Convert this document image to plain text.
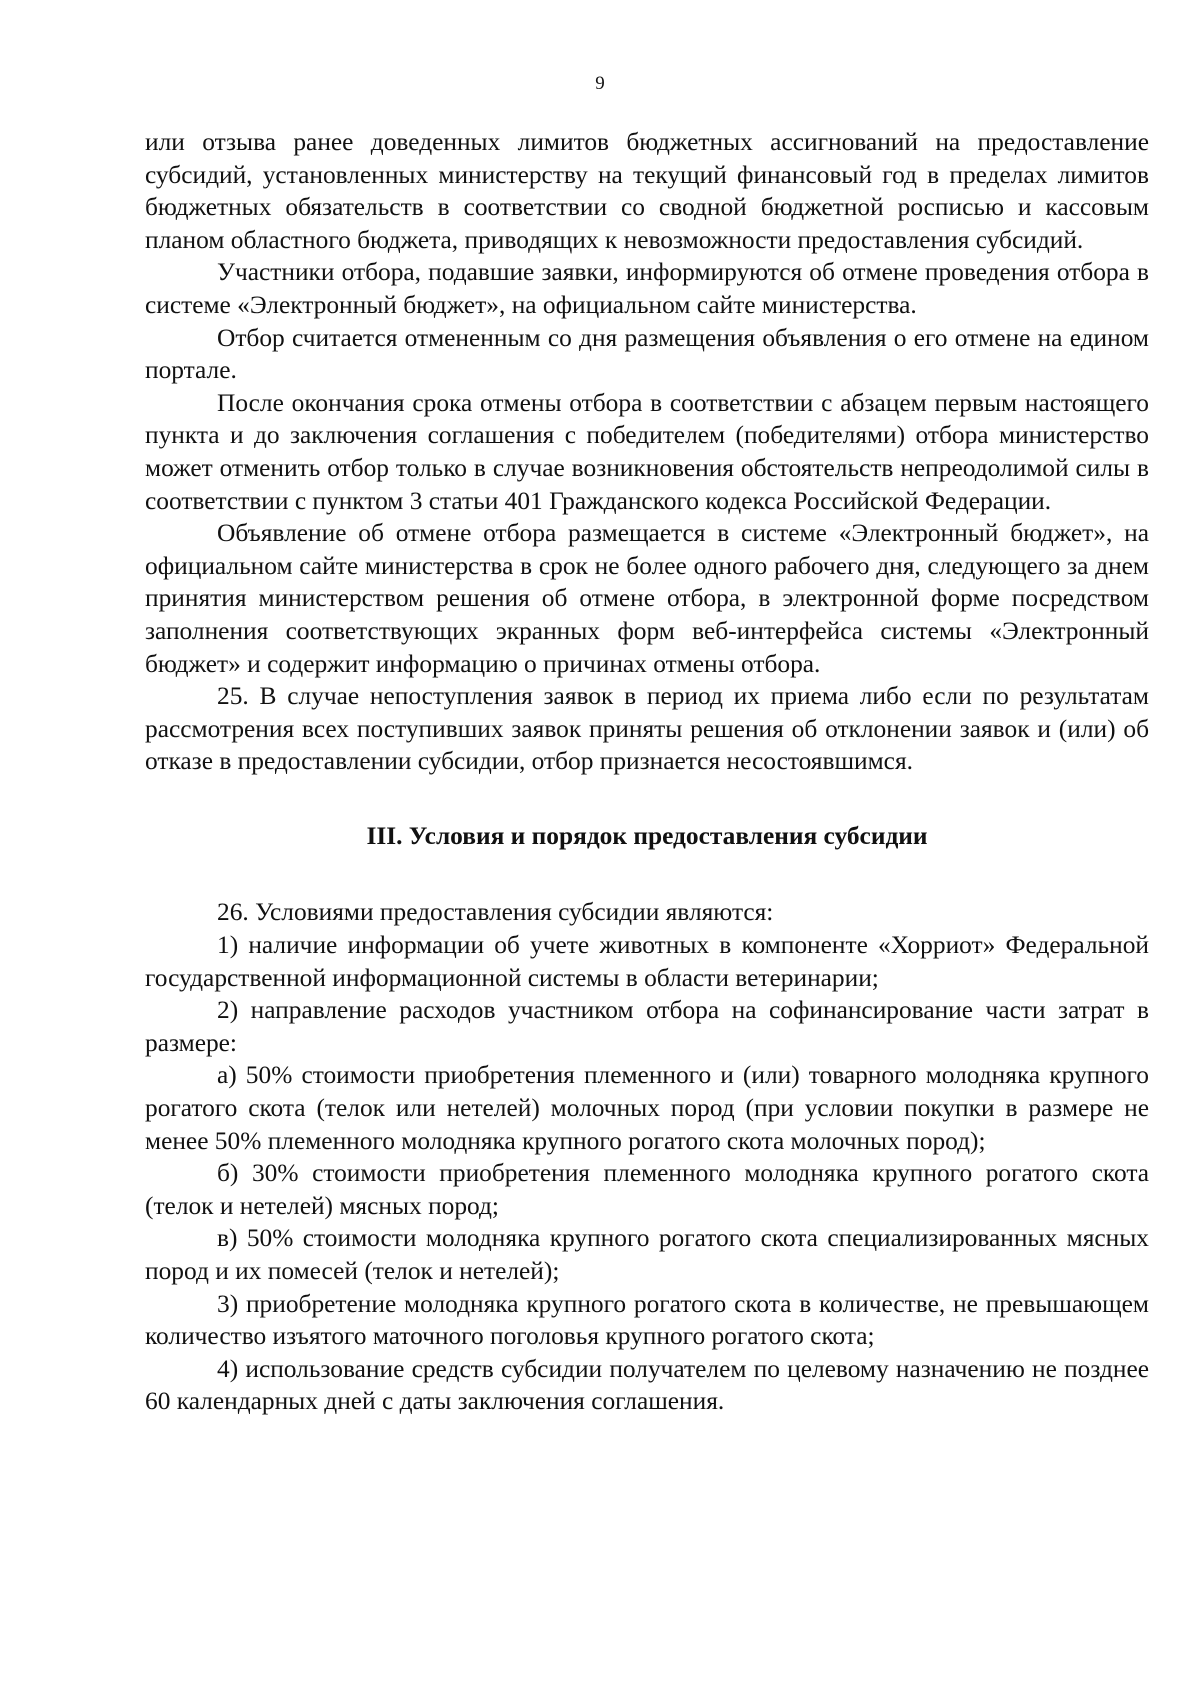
9

или отзыва ранее доведенных лимитов бюджетных ассигнований на предоставление субсидий, установленных министерству на текущий финансовый год в пределах лимитов бюджетных обязательств в соответствии со сводной бюджетной росписью и кассовым планом областного бюджета, приводящих к невозможности предоставления субсидий.

Участники отбора, подавшие заявки, информируются об отмене проведения отбора в системе «Электронный бюджет», на официальном сайте министерства.

Отбор считается отмененным со дня размещения объявления о его отмене на едином портале.

После окончания срока отмены отбора в соответствии с абзацем первым настоящего пункта и до заключения соглашения с победителем (победителями) отбора министерство может отменить отбор только в случае возникновения обстоятельств непреодолимой силы в соответствии с пунктом 3 статьи 401 Гражданского кодекса Российской Федерации.

Объявление об отмене отбора размещается в системе «Электронный бюджет», на официальном сайте министерства в срок не более одного рабочего дня, следующего за днем принятия министерством решения об отмене отбора, в электронной форме посредством заполнения соответствующих экранных форм веб-интерфейса системы «Электронный бюджет» и содержит информацию о причинах отмены отбора.

25. В случае непоступления заявок в период их приема либо если по результатам рассмотрения всех поступивших заявок приняты решения об отклонении заявок и (или) об отказе в предоставлении субсидии, отбор признается несостоявшимся.

III. Условия и порядок предоставления субсидии

26. Условиями предоставления субсидии являются:

1) наличие информации об учете животных в компоненте «Хорриот» Федеральной государственной информационной системы в области ветеринарии;

2) направление расходов участником отбора на софинансирование части затрат в размере:

а) 50% стоимости приобретения племенного и (или) товарного молодняка крупного рогатого скота (телок или нетелей) молочных пород (при условии покупки в размере не менее 50% племенного молодняка крупного рогатого скота молочных пород);

б) 30% стоимости приобретения племенного молодняка крупного рогатого скота (телок и нетелей) мясных пород;

в) 50% стоимости молодняка крупного рогатого скота специализированных мясных пород и их помесей (телок и нетелей);

3) приобретение молодняка крупного рогатого скота в количестве, не превышающем количество изъятого маточного поголовья крупного рогатого скота;

4) использование средств субсидии получателем по целевому назначению не позднее 60 календарных дней с даты заключения соглашения.
